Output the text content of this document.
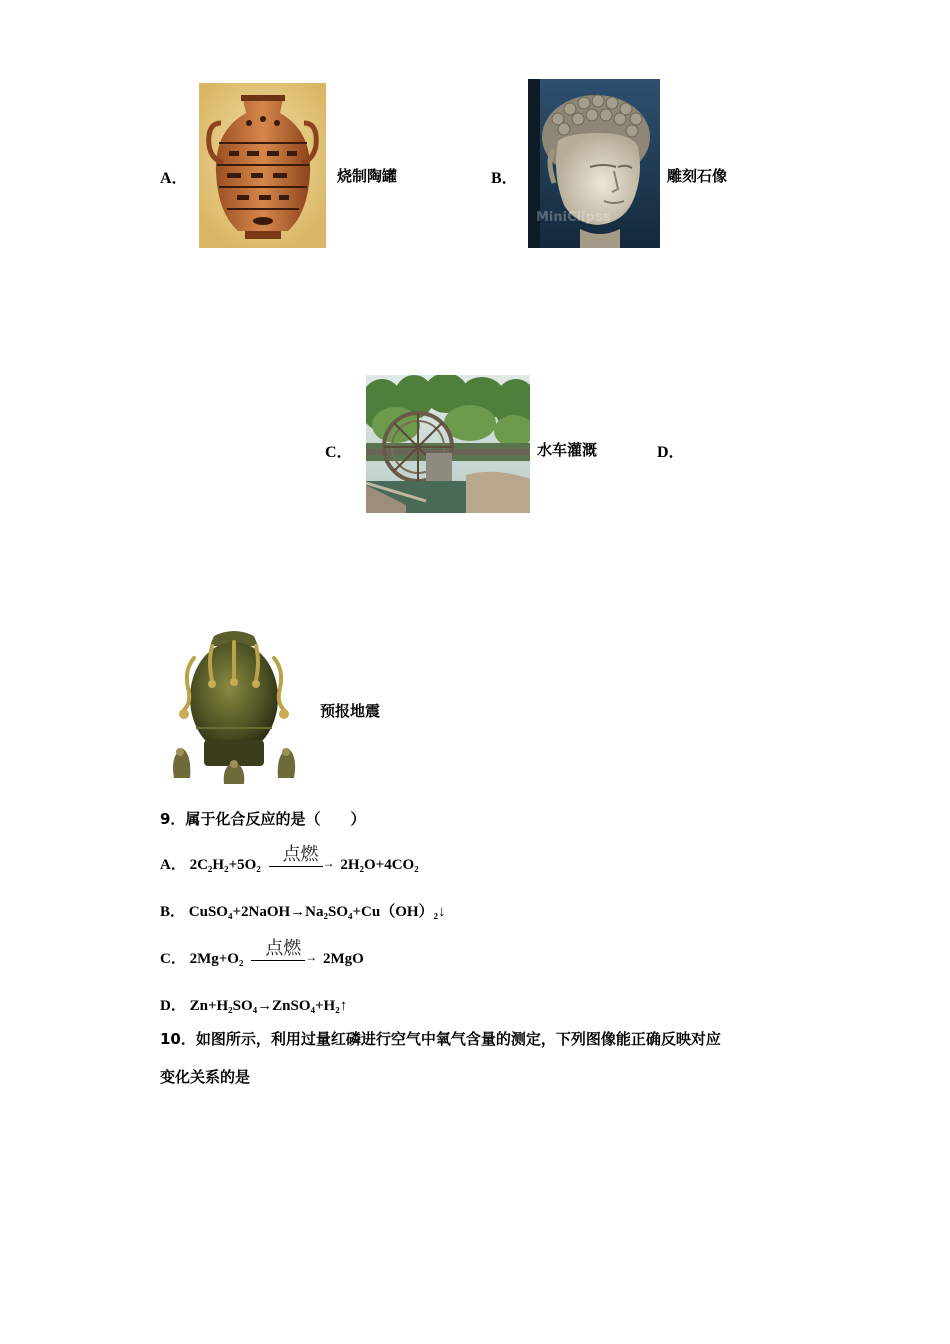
A．	烧制陶罐	B．
MiniClipss
雕刻石像
C．	水车灌溉	D．
预报地震
9．属于化合反应的是（　　）
A． 2C₂H₂+5O₂
点燃 → 2H₂O+4CO₂
B． CuSO₄+2NaOH→Na₂SO₄+Cu（OH）₂↓
C． 2Mg+O₂
点燃 → 2MgO
D． Zn+H₂SO₄→ZnSO₄+H₂↑
10．如图所示，利用过量红磷进行空气中氧气含量的测定，下列图像能正确反映对应
变化关系的是
